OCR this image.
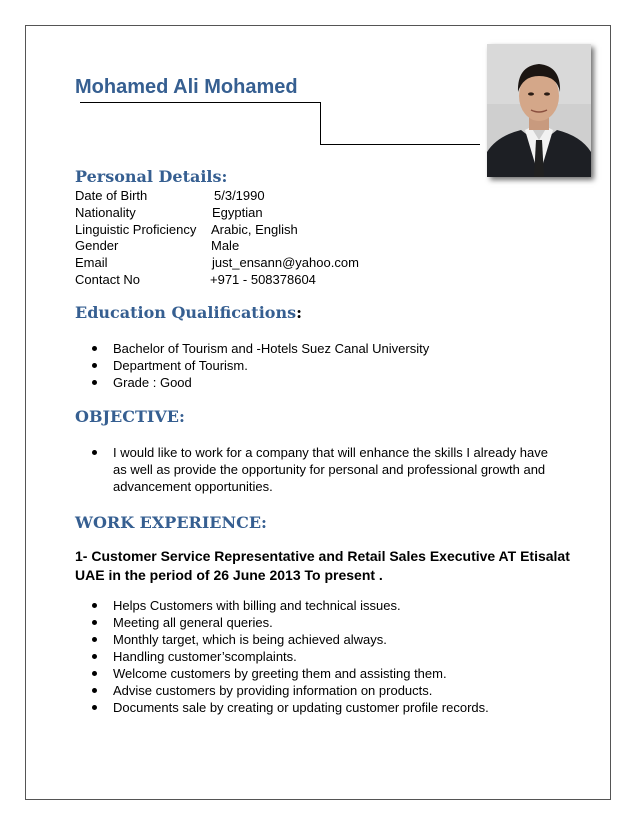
Mohamed Ali Mohamed
Personal Details:
Date of Birth	5/3/1990
Nationality	Egyptian
Linguistic Proficiency Arabic, English
Gender	Male
Email	just_ensann@yahoo.com
Contact No	+971 - 508378604
Education Qualifications:
Bachelor of Tourism and -Hotels Suez Canal University
Department of Tourism.
Grade : Good
OBJECTIVE:
I would like to work for a company that will enhance the skills I already have as well as provide the opportunity for personal and professional growth and advancement opportunities.
WORK EXPERIENCE:
1- Customer Service Representative and Retail Sales Executive AT Etisalat UAE in the period of 26 June 2013 To present .
Helps Customers with billing and technical issues.
Meeting all general queries.
Monthly target, which is being achieved always.
Handling customer’scomplaints.
Welcome customers by greeting them and assisting them.
Advise customers by providing information on products.
Documents sale by creating or updating customer profile records.
